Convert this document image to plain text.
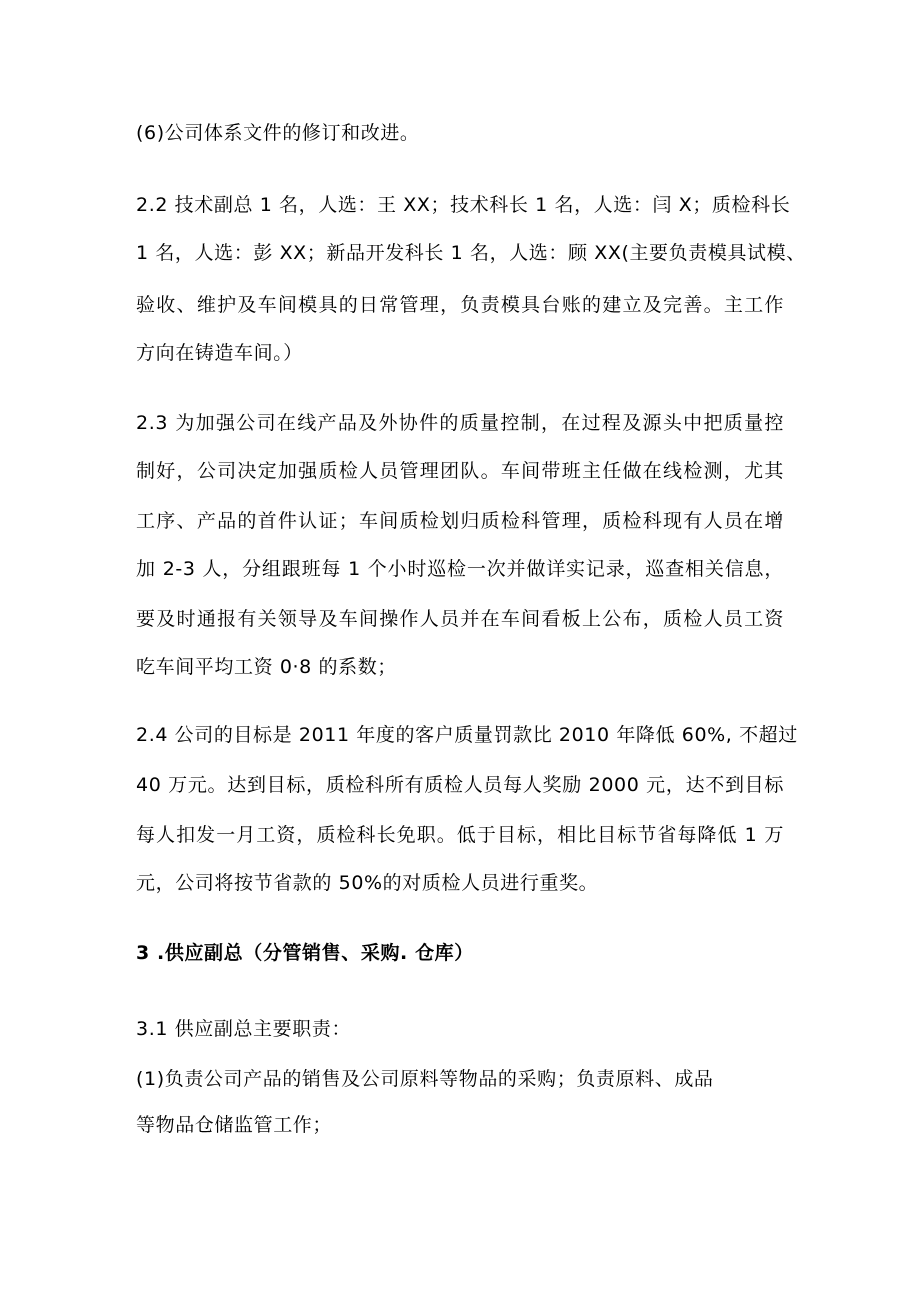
(6)公司体系文件的修订和改进。
2.2 技术副总 1 名，人选：王 XX；技术科长 1 名，人选：闫 X；质检科长
1 名，人选：彭 XX；新品开发科长 1 名，人选：顾 XX(主要负责模具试模、
验收、维护及车间模具的日常管理，负责模具台账的建立及完善。主工作
方向在铸造车间。）
2.3 为加强公司在线产品及外协件的质量控制，在过程及源头中把质量控
制好，公司决定加强质检人员管理团队。车间带班主任做在线检测，尤其
工序、产品的首件认证；车间质检划归质检科管理，质检科现有人员在增
加 2-3 人，分组跟班每 1 个小时巡检一次并做详实记录，巡查相关信息，
要及时通报有关领导及车间操作人员并在车间看板上公布，质检人员工资
吃车间平均工资 0·8 的系数；
2.4 公司的目标是 2011 年度的客户质量罚款比 2010 年降低 60%, 不超过
40 万元。达到目标，质检科所有质检人员每人奖励 2000 元，达不到目标
每人扣发一月工资，质检科长免职。低于目标，相比目标节省每降低 1 万
元，公司将按节省款的 50%的对质检人员进行重奖。
3 .供应副总（分管销售、采购. 仓库）
3.1 供应副总主要职责：
(1)负责公司产品的销售及公司原料等物品的采购；负责原料、成品
等物品仓储监管工作；
